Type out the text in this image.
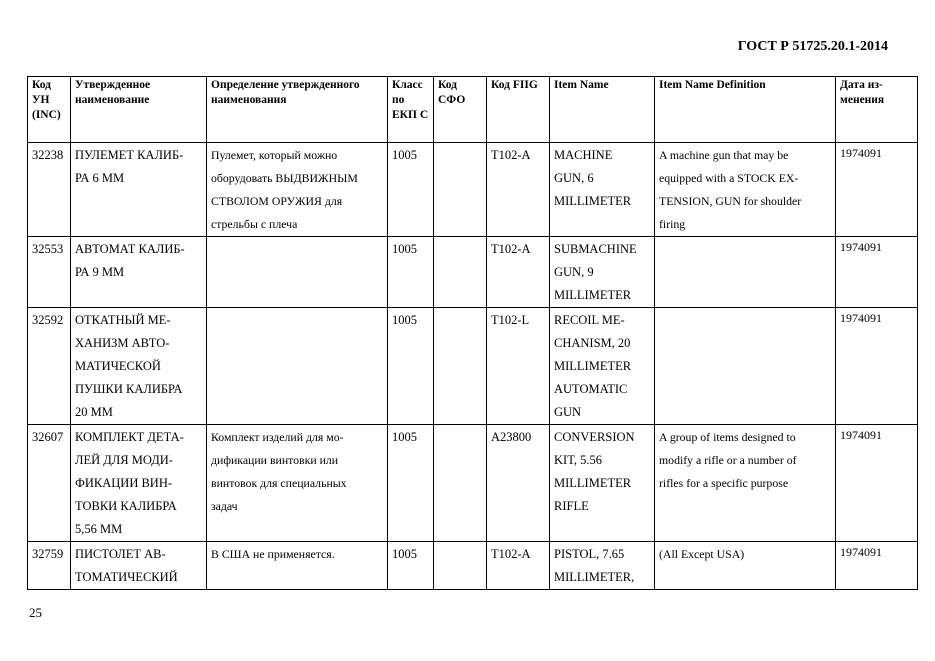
ГОСТ Р 51725.20.1-2014
Код УН (INC)	Утвержденное наименование	Определение утвержденного наименования	Класс по ЕКП С	Код СФО	Код FIIG	Item Name	Item Name Definition	Дата из- менения

32238	ПУЛЕМЕТ КАЛИБ-
РА 6 ММ	Пулемет, который можно
оборудовать ВЫДВИЖНЫМ
СТВОЛОМ ОРУЖИЯ для
стрельбы с плеча	1005		T102-A	MACHINE
GUN, 6
MILLIMETER	A machine gun that may be
equipped with a STOCK EX-
TENSION, GUN for shoulder
firing	1974091

32553	АВТОМАТ КАЛИБ-
РА 9 ММ		1005		T102-A	SUBMACHINE
GUN, 9
MILLIMETER		1974091

32592	ОТКАТНЫЙ МЕ-
ХАНИЗМ АВТО-
МАТИЧЕСКОЙ
ПУШКИ КАЛИБРА
20 ММ		1005		T102-L	RECOIL ME-
CHANISM, 20
MILLIMETER
AUTOMATIC
GUN		1974091

32607	КОМПЛЕКТ ДЕТА-
ЛЕЙ ДЛЯ МОДИ-
ФИКАЦИИ ВИН-
ТОВКИ КАЛИБРА
5,56 ММ	Комплект изделий для мо-
дификации винтовки или
винтовок для специальных
задач	1005		A23800	CONVERSION
KIT, 5.56
MILLIMETER
RIFLE	A group of items designed to
modify a rifle or a number of
rifles for a specific purpose	1974091

32759	ПИСТОЛЕТ АВ-
ТОМАТИЧЕСКИЙ	В США не применяется.	1005		T102-A	PISTOL, 7.65
MILLIMETER,	(All Except USA)	1974091
25
